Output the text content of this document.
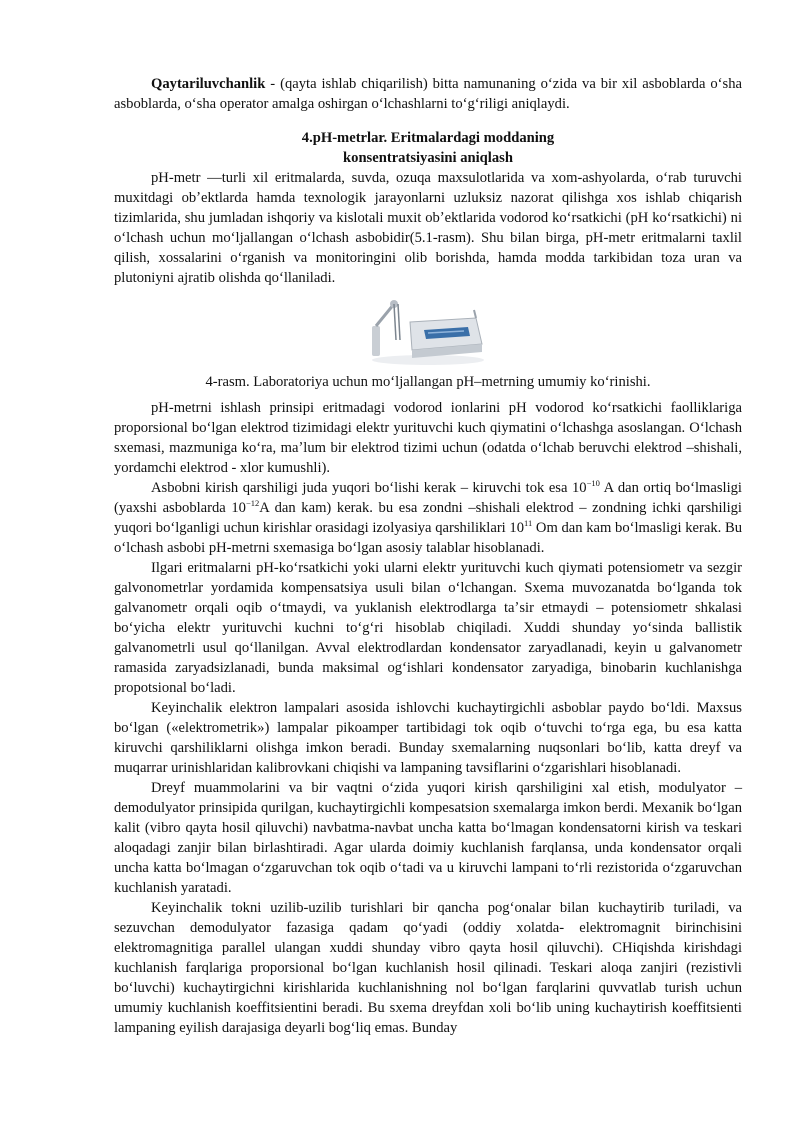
Qaytariluvchanlik - (qayta ishlab chiqarilish) bitta namunaning oʻzida va bir xil asboblarda oʻsha asboblarda, oʻsha operator amalga oshirgan oʻlchashlarni toʻgʻriligi aniqlaydi.

4.pH-metrlar. Eritmalardagi moddaning
konsentratsiyasini aniqlash

pH-metr —turli xil eritmalarda, suvda, ozuqa maxsulotlarida va xom-ashyolarda, oʻrab turuvchi muxitdagi obʼektlarda hamda texnologik jarayonlarni uzluksiz nazorat qilishga xos ishlab chiqarish tizimlarida, shu jumladan ishqoriy va kislotali muxit obʼektlarida vodorod koʻrsatkichi (pH koʻrsatkichi) ni oʻlchash uchun moʻljallangan oʻlchash asbobidir(5.1-rasm). Shu bilan birga, pH-metr eritmalarni taxlil qilish, xossalarini oʻrganish va monitoringini olib borishda, hamda modda tarkibidan toza uran va plutoniyni ajratib olishda qoʻllaniladi.

4-rasm. Laboratoriya uchun moʻljallangan pH–metrning umumiy koʻrinishi.

pH-metrni ishlash prinsipi eritmadagi vodorod ionlarini pH vodorod koʻrsatkichi faolliklariga proporsional boʻlgan elektrod tizimidagi elektr yurituvchi kuch qiymatini oʻlchashga asoslangan. Oʻlchash sxemasi, mazmuniga koʻra, maʼlum bir elektrod tizimi uchun (odatda oʻlchab beruvchi elektrod –shishali, yordamchi elektrod - xlor kumushli).

Asbobni kirish qarshiligi juda yuqori boʻlishi kerak – kiruvchi tok esa $10^{-10}$ A dan ortiq boʻlmasligi (yaxshi asboblarda $10^{-12}A$ dan kam) kerak. bu esa zondni –shishali elektrod – zondning ichki qarshiligi yuqori boʻlganligi uchun kirishlar orasidagi izolyasiya qarshiliklari $10^{11}$ Om dan kam boʻlmasligi kerak. Bu oʻlchash asbobi pH-metrni sxemasiga boʻlgan asosiy talablar hisoblanadi.

Ilgari eritmalarni pH-koʻrsatkichi yoki ularni elektr yurituvchi kuch qiymati potensiometr va sezgir galvonometrlar yordamida kompensatsiya usuli bilan oʻlchangan. Sxema muvozanatda boʻlganda tok galvanometr orqali oqib oʻtmaydi, va yuklanish elektrodlarga taʼsir etmaydi – potensiometr shkalasi boʻyicha elektr yurituvchi kuchni toʻgʻri hisoblab chiqiladi. Xuddi shunday yoʻsinda ballistik galvanometrli usul qoʻllanilgan. Avval elektrodlardan kondensator zaryadlanadi, keyin u galvanometr ramasida zaryadsizlanadi, bunda maksimal ogʻishlari kondensator zaryadiga, binobarin kuchlanishga propotsional boʻladi.

Keyinchalik elektron lampalari asosida ishlovchi kuchaytirgichli asboblar paydo boʻldi. Maxsus boʻlgan («elektrometrik») lampalar pikoamper tartibidagi tok oqib oʻtuvchi toʻrga ega, bu esa katta kiruvchi qarshiliklarni olishga imkon beradi. Bunday sxemalarning nuqsonlari boʻlib, katta dreyf va muqarrar urinishlaridan kalibrovkani chiqishi va lampaning tavsiflarini oʻzgarishlari hisoblanadi.

Dreyf muammolarini va bir vaqtni oʻzida yuqori kirish qarshiligini xal etish, modulyator – demodulyator prinsipida qurilgan, kuchaytirgichli kompesatsion sxemalarga imkon berdi. Mexanik boʻlgan kalit (vibro qayta hosil qiluvchi) navbatma-navbat uncha katta boʻlmagan kondensatorni kirish va teskari aloqadagi zanjir bilan birlashtiradi. Agar ularda doimiy kuchlanish farqlansa, unda kondensator orqali uncha katta boʻlmagan oʻzgaruvchan tok oqib oʻtadi va u kiruvchi lampani toʻrli rezistorida oʻzgaruvchan kuchlanish yaratadi.

Keyinchalik tokni uzilib-uzilib turishlari bir qancha pogʻonalar bilan kuchaytirib turiladi, va sezuvchan demodulyator fazasiga qadam qoʻyadi (oddiy xolatda- elektromagnit birinchisini elektromagnitiga parallel ulangan xuddi shunday vibro qayta hosil qiluvchi). CHiqishda kirishdagi kuchlanish farqlariga proporsional boʻlgan kuchlanish hosil qilinadi. Teskari aloqa zanjiri (rezistivli boʻluvchi) kuchaytirgichni kirishlarida kuchlanishning nol boʻlgan farqlarini quvvatlab turish uchun umumiy kuchlanish koeffitsientini beradi. Bu sxema dreyfdan xoli boʻlib uning kuchaytirish koeffitsienti lampaning eyilish darajasiga deyarli bogʻliq emas. Bunday
